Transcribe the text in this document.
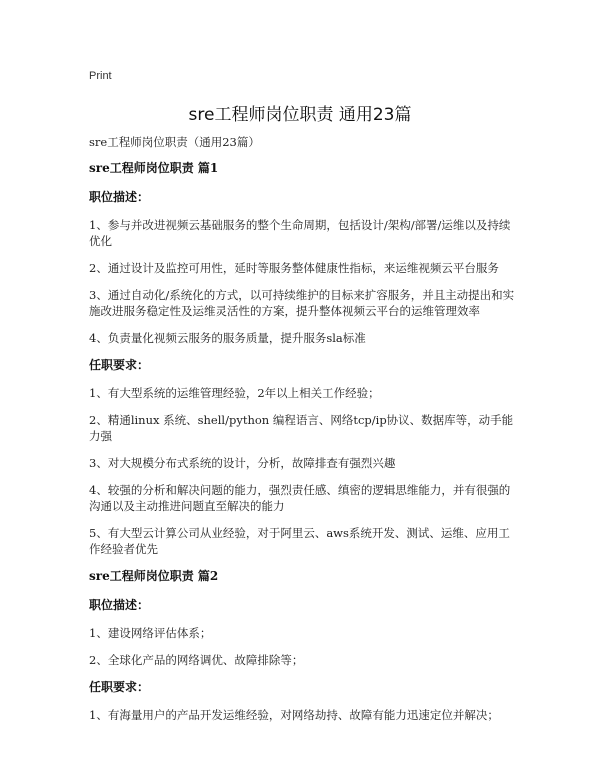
Print
sre工程师岗位职责 通用23篇

sre工程师岗位职责（通用23篇）

sre工程师岗位职责 篇1

职位描述：

1、参与并改进视频云基础服务的整个生命周期，包括设计/架构/部署/运维以及持续优化

2、通过设计及监控可用性，延时等服务整体健康性指标，来运维视频云平台服务

3、通过自动化/系统化的方式，以可持续维护的目标来扩容服务，并且主动提出和实施改进服务稳定性及运维灵活性的方案，提升整体视频云平台的运维管理效率

4、负责量化视频云服务的服务质量，提升服务sla标准

任职要求：

1、有大型系统的运维管理经验，2年以上相关工作经验；

2、精通linux 系统、shell/python 编程语言、网络tcp/ip协议、数据库等，动手能力强

3、对大规模分布式系统的设计，分析，故障排查有强烈兴趣

4、较强的分析和解决问题的能力，强烈责任感、缜密的逻辑思维能力，并有很强的沟通以及主动推进问题直至解决的能力

5、有大型云计算公司从业经验，对于阿里云、aws系统开发、测试、运维、应用工作经验者优先

sre工程师岗位职责 篇2

职位描述：

1、建设网络评估体系；

2、全球化产品的网络调优、故障排除等；

任职要求：

1、有海量用户的产品开发运维经验，对网络劫持、故障有能力迅速定位并解决；
